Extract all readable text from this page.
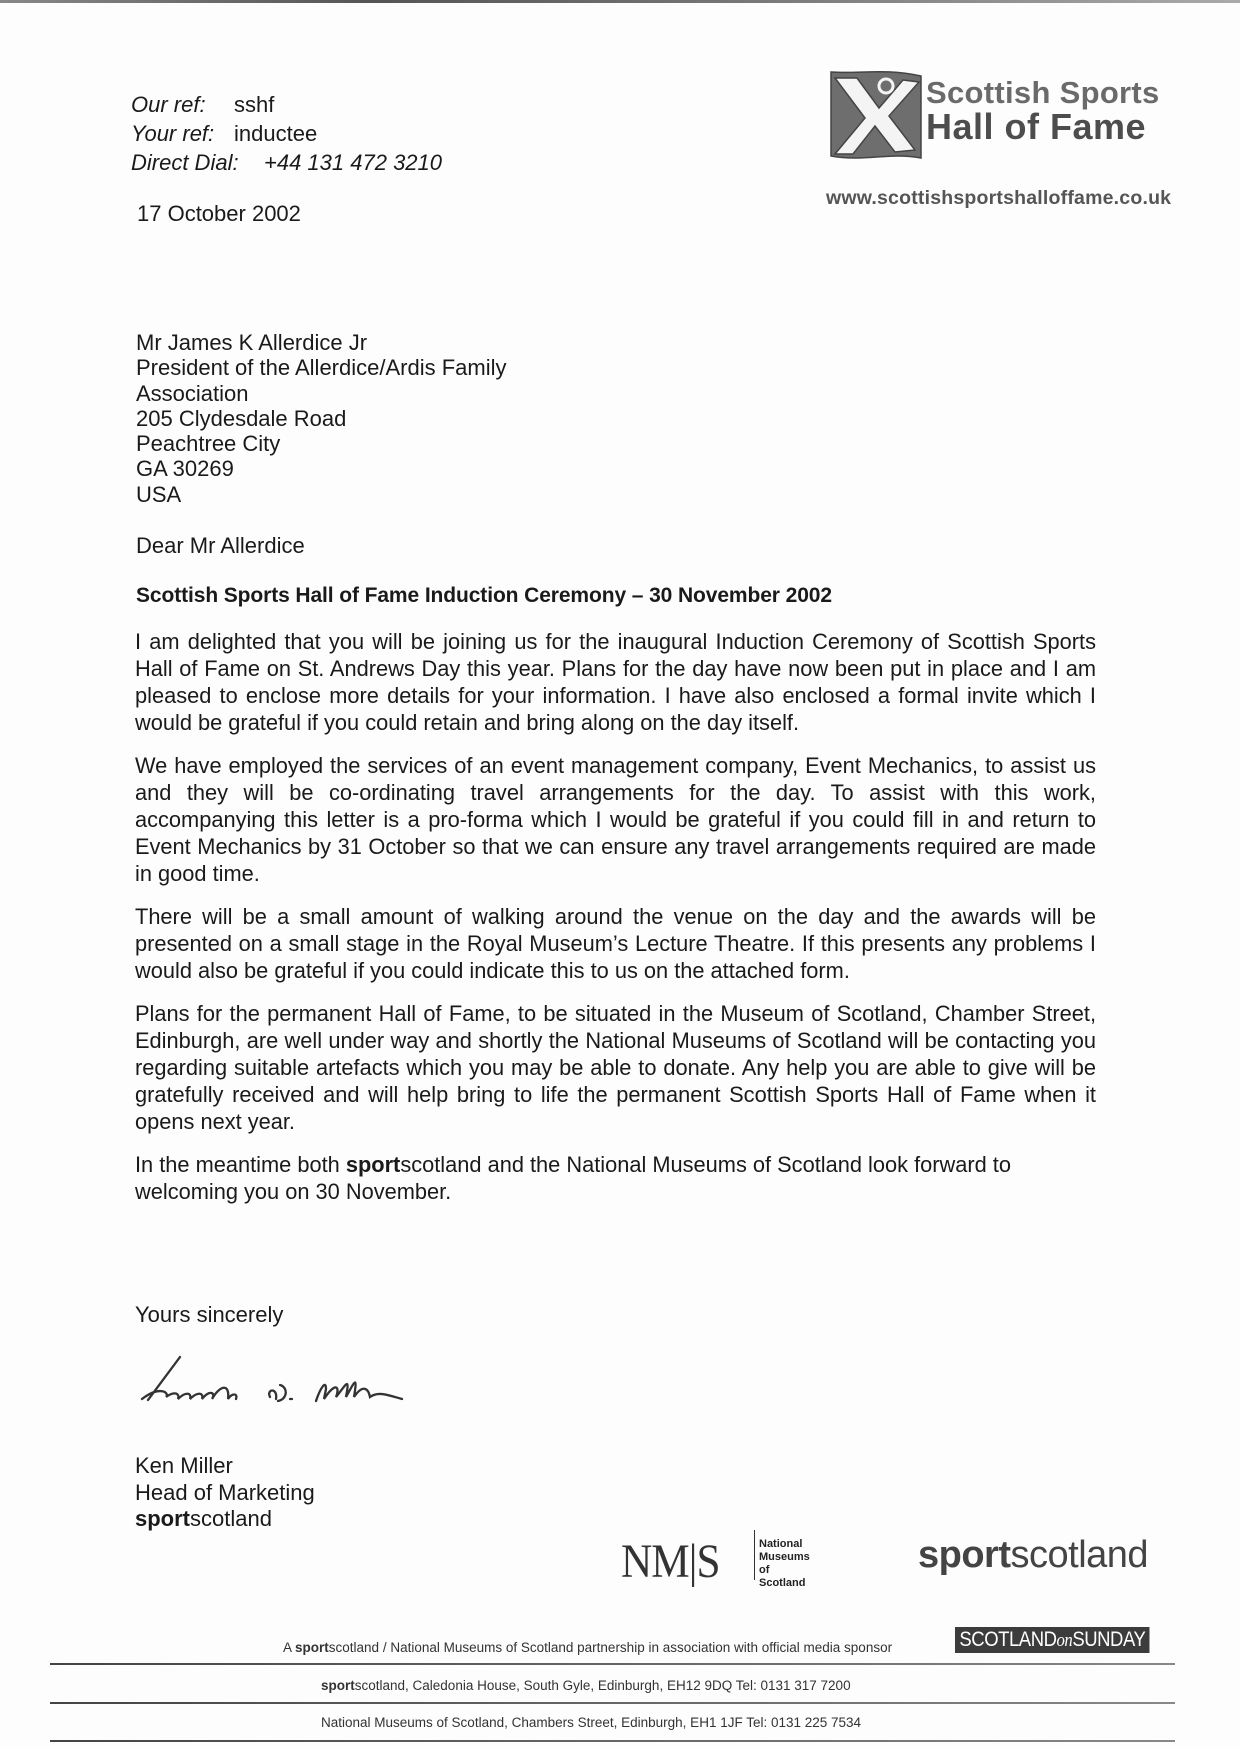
Our ref: sshf
Your ref: inductee
Direct Dial: +44 131 472 3210
17 October 2002
Scottish Sports
Hall of Fame
www.scottishsportshalloffame.co.uk
Mr James K Allerdice Jr
President of the Allerdice/Ardis Family
Association
205 Clydesdale Road
Peachtree City
GA 30269
USA
Dear Mr Allerdice
Scottish Sports Hall of Fame Induction Ceremony – 30 November 2002

I am delighted that you will be joining us for the inaugural Induction Ceremony of Scottish Sports Hall of Fame on St. Andrews Day this year. Plans for the day have now been put in place and I am pleased to enclose more details for your information. I have also enclosed a formal invite which I would be grateful if you could retain and bring along on the day itself.

We have employed the services of an event management company, Event Mechanics, to assist us and they will be co-ordinating travel arrangements for the day. To assist with this work, accompanying this letter is a pro-forma which I would be grateful if you could fill in and return to Event Mechanics by 31 October so that we can ensure any travel arrangements required are made in good time.

There will be a small amount of walking around the venue on the day and the awards will be presented on a small stage in the Royal Museum’s Lecture Theatre. If this presents any problems I would also be grateful if you could indicate this to us on the attached form.

Plans for the permanent Hall of Fame, to be situated in the Museum of Scotland, Chamber Street, Edinburgh, are well under way and shortly the National Museums of Scotland will be contacting you regarding suitable artefacts which you may be able to donate. Any help you are able to give will be gratefully received and will help bring to life the permanent Scottish Sports Hall of Fame when it opens next year.

In the meantime both sportscotland and the National Museums of Scotland look forward to welcoming you on 30 November.

Yours sincerely
Ken Miller
Head of Marketing
sportscotland
NM|S	National
Museums
of Scotland
sportscotland
A sportscotland / National Museums of Scotland partnership in association with official media sponsor	SCOTLANDonSUNDAY
sportscotland, Caledonia House, South Gyle, Edinburgh, EH12 9DQ Tel: 0131 317 7200
National Museums of Scotland, Chambers Street, Edinburgh, EH1 1JF Tel: 0131 225 7534
